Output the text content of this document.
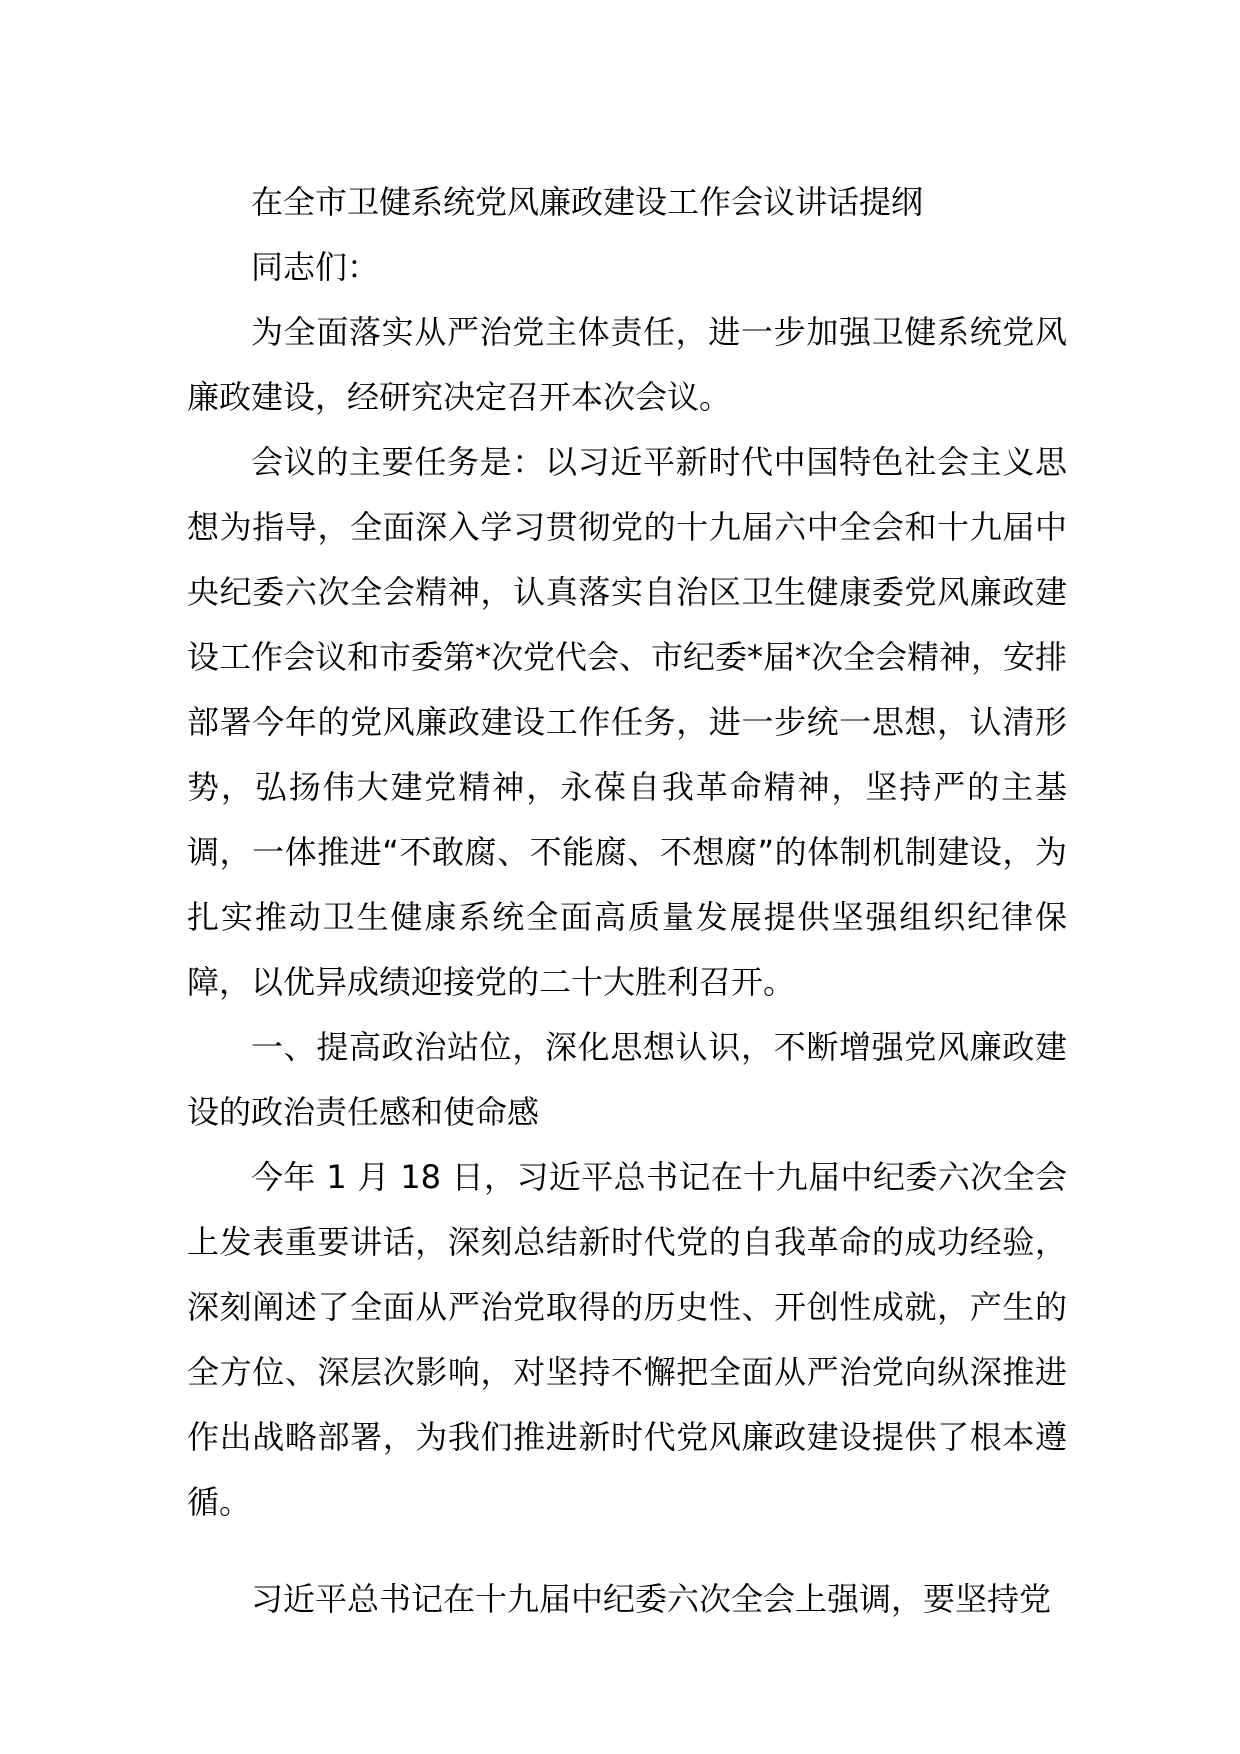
在全市卫健系统党风廉政建设工作会议讲话提纲

同志们：

为全面落实从严治党主体责任，进一步加强卫健系统党风廉政建设，经研究决定召开本次会议。

会议的主要任务是：以习近平新时代中国特色社会主义思想为指导，全面深入学习贯彻党的十九届六中全会和十九届中央纪委六次全会精神，认真落实自治区卫生健康委党风廉政建设工作会议和市委第*次党代会、市纪委*届*次全会精神，安排部署今年的党风廉政建设工作任务，进一步统一思想，认清形势，弘扬伟大建党精神，永葆自我革命精神，坚持严的主基调，一体推进“不敢腐、不能腐、不想腐”的体制机制建设，为扎实推动卫生健康系统全面高质量发展提供坚强组织纪律保障，以优异成绩迎接党的二十大胜利召开。

一、提高政治站位，深化思想认识，不断增强党风廉政建设的政治责任感和使命感

今年 1 月 18 日，习近平总书记在十九届中纪委六次全会上发表重要讲话，深刻总结新时代党的自我革命的成功经验，深刻阐述了全面从严治党取得的历史性、开创性成就，产生的全方位、深层次影响，对坚持不懈把全面从严治党向纵深推进作出战略部署，为我们推进新时代党风廉政建设提供了根本遵循。

习近平总书记在十九届中纪委六次全会上强调，要坚持党
